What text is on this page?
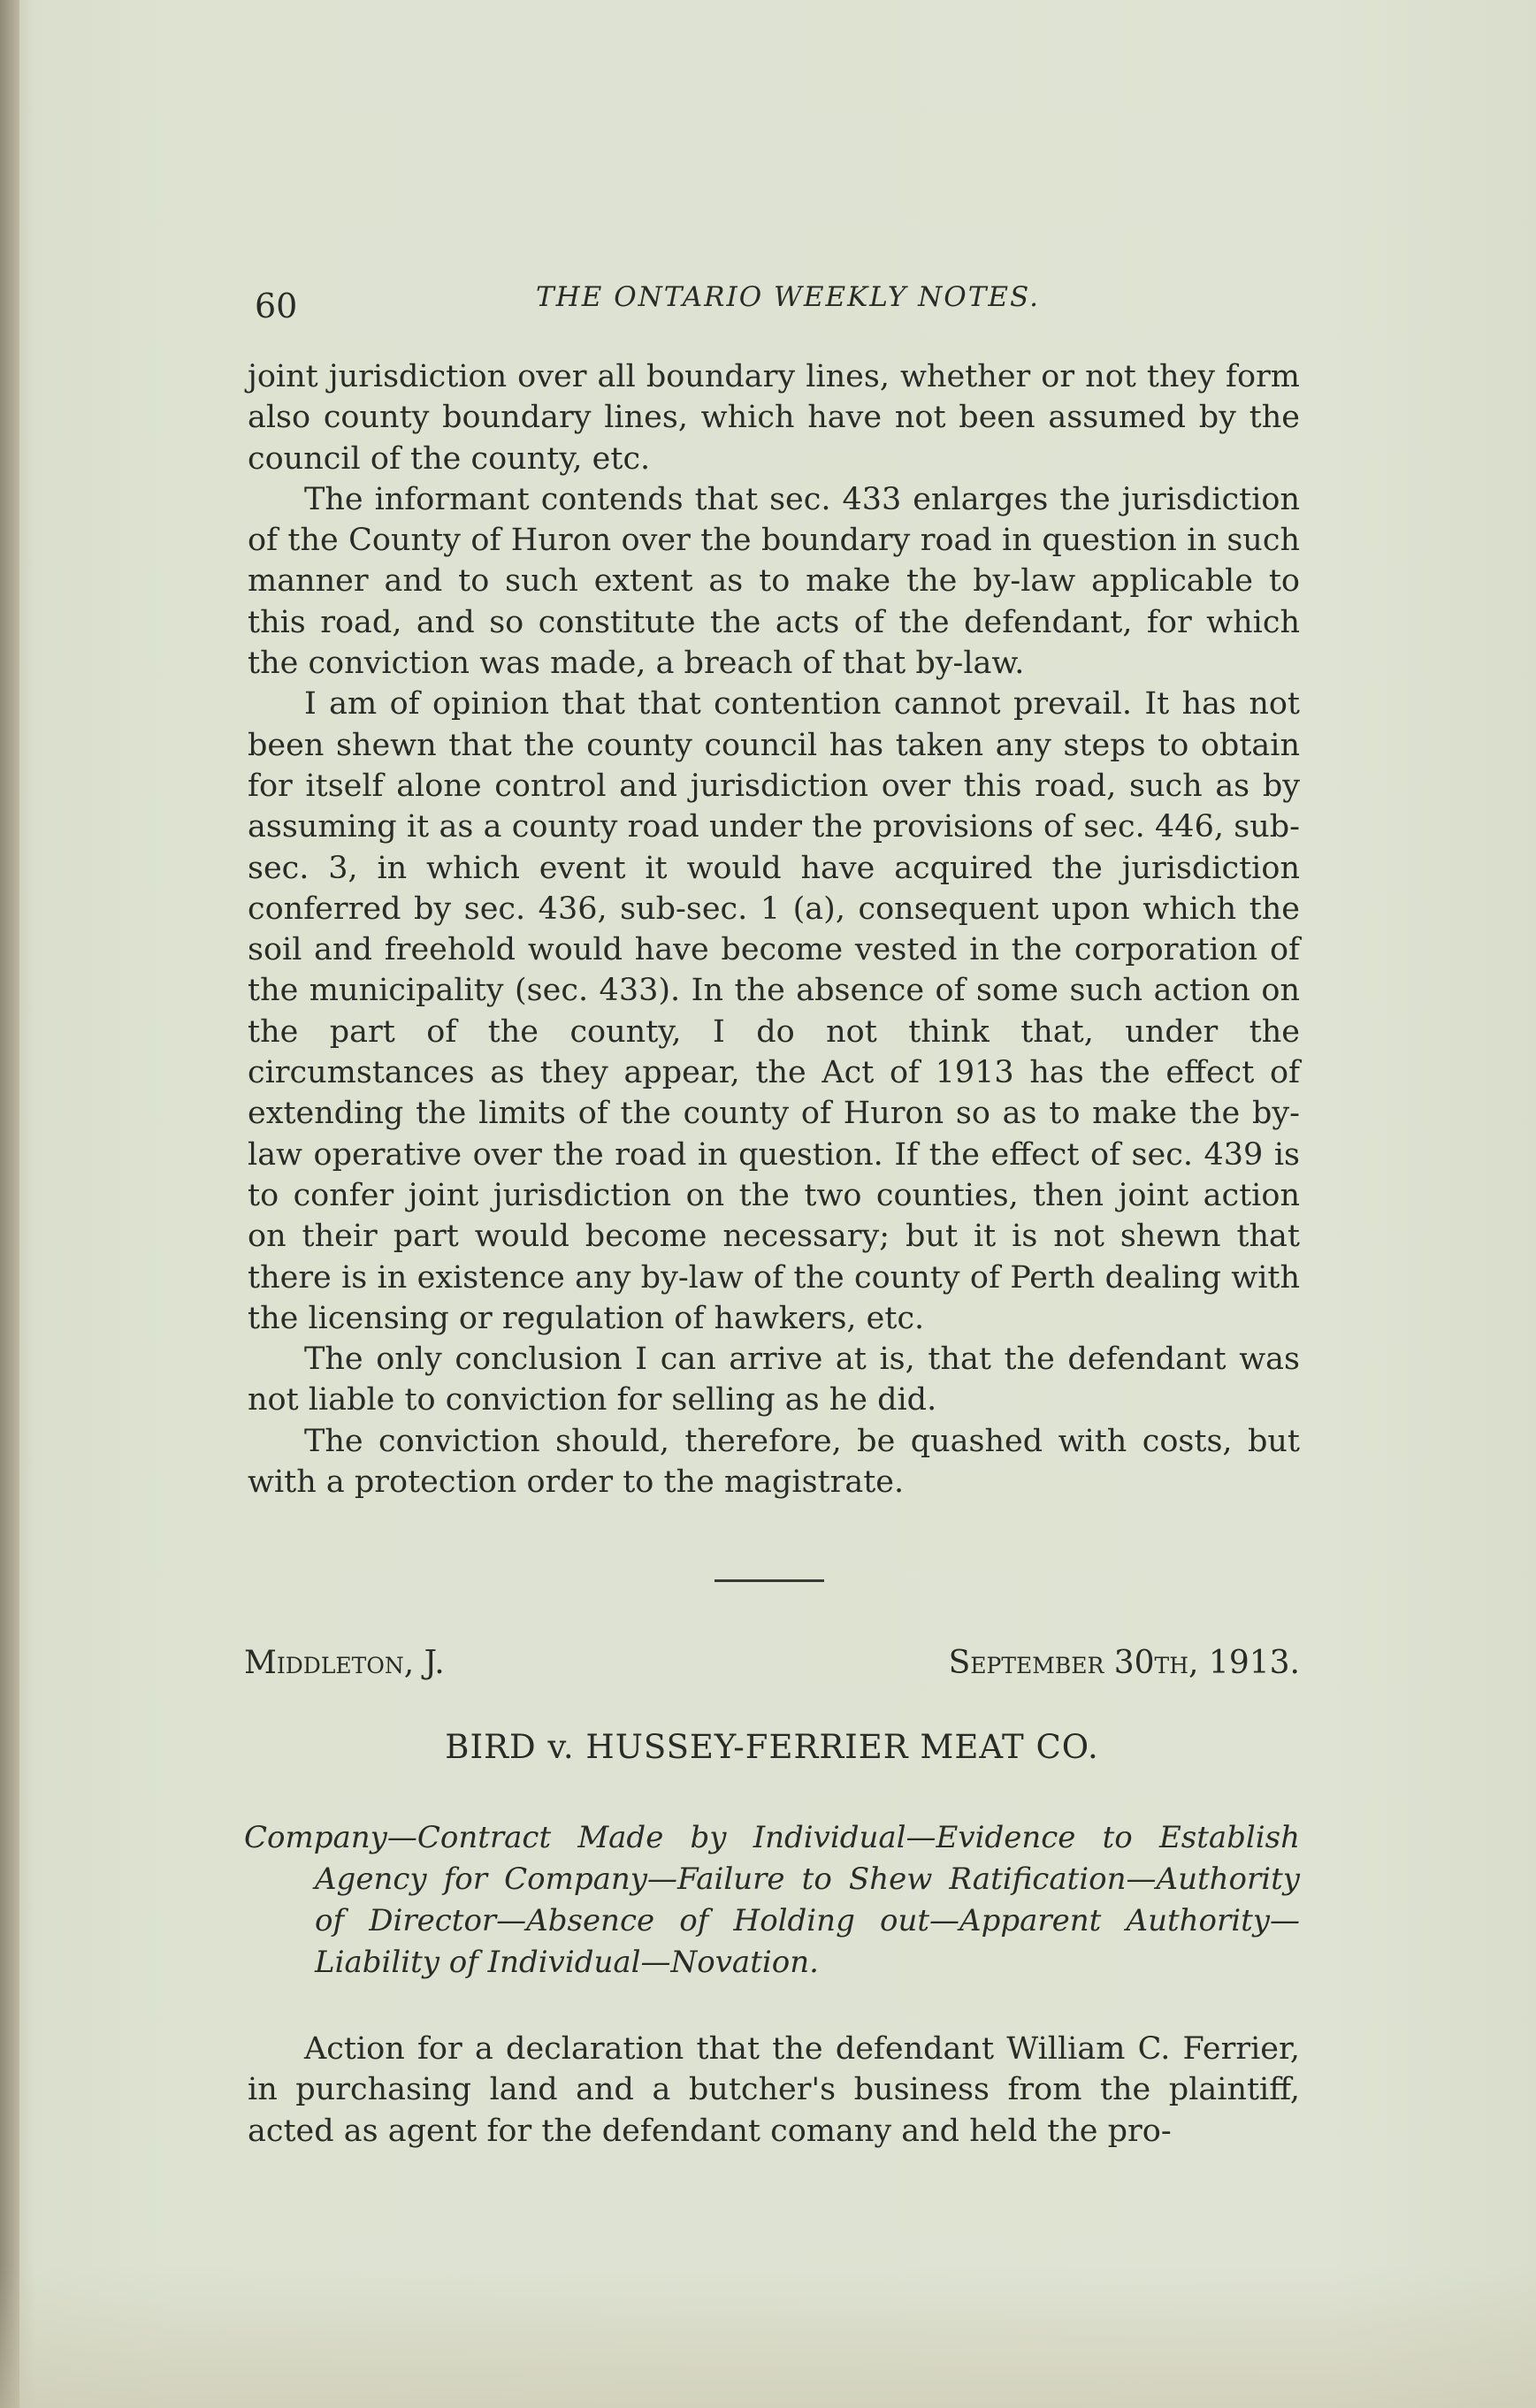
60	THE ONTARIO WEEKLY NOTES.

joint jurisdiction over all boundary lines, whether or not they form also county boundary lines, which have not been assumed by the council of the county, etc.

The informant contends that sec. 433 enlarges the jurisdiction of the County of Huron over the boundary road in question in such manner and to such extent as to make the by-law applicable to this road, and so constitute the acts of the defendant, for which the conviction was made, a breach of that by-law.

I am of opinion that that contention cannot prevail. It has not been shewn that the county council has taken any steps to obtain for itself alone control and jurisdiction over this road, such as by assuming it as a county road under the provisions of sec. 446, sub-sec. 3, in which event it would have acquired the jurisdiction conferred by sec. 436, sub-sec. 1 (a), consequent upon which the soil and freehold would have become vested in the corporation of the municipality (sec. 433). In the absence of some such action on the part of the county, I do not think that, under the circumstances as they appear, the Act of 1913 has the effect of extending the limits of the county of Huron so as to make the by-law operative over the road in question. If the effect of sec. 439 is to confer joint jurisdiction on the two counties, then joint action on their part would become necessary; but it is not shewn that there is in existence any by-law of the county of Perth dealing with the licensing or regulation of hawkers, etc.

The only conclusion I can arrive at is, that the defendant was not liable to conviction for selling as he did.

The conviction should, therefore, be quashed with costs, but with a protection order to the magistrate.

Middleton, J.	September 30th, 1913.
BIRD v. HUSSEY-FERRIER MEAT CO.
Company—Contract Made by Individual—Evidence to Establish Agency for Company—Failure to Shew Ratification—Authority of Director—Absence of Holding out—Apparent Authority—Liability of Individual—Novation.
Action for a declaration that the defendant William C. Ferrier, in purchasing land and a butcher's business from the plaintiff, acted as agent for the defendant comany and held the pro-
